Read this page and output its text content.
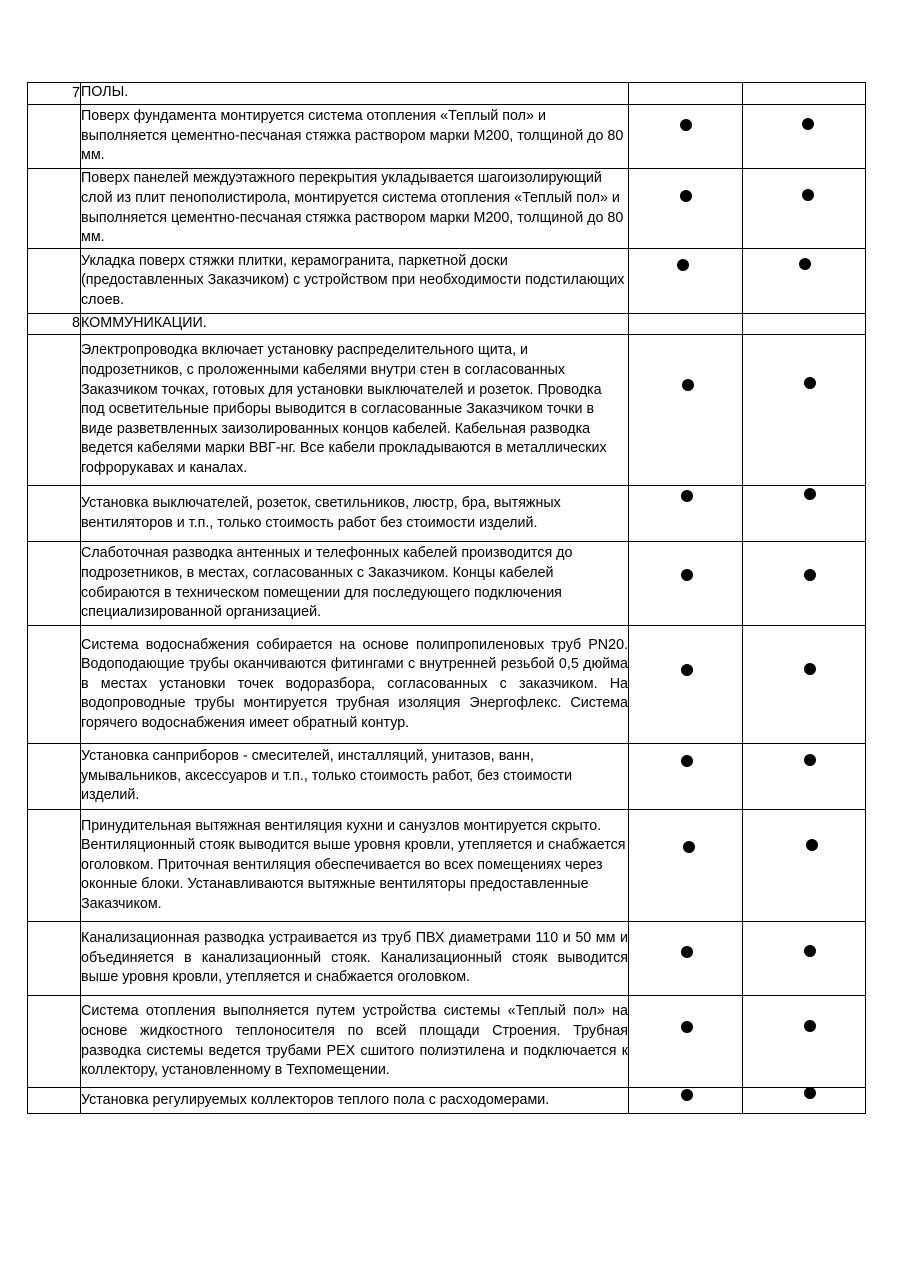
7	ПОЛЫ.		
	Поверх фундамента монтируется система отопления «Теплый пол» и выполняется цементно-песчаная стяжка раствором марки М200, толщиной до 80 мм.		
	Поверх панелей междуэтажного перекрытия укладывается шагоизолирующий слой из плит пенополистирола, монтируется система отопления «Теплый пол» и выполняется цементно-песчаная стяжка раствором марки М200, толщиной до 80 мм.		
	Укладка поверх стяжки плитки, керамогранита, паркетной доски (предоставленных Заказчиком) с устройством при необходимости подстилающих слоев.		
8	КОММУНИКАЦИИ.		
	Электропроводка включает установку распределительного щита, и подрозетников, с проложенными кабелями внутри стен в согласованных Заказчиком точках, готовых для установки выключателей и розеток. Проводка под осветительные приборы выводится в согласованные Заказчиком точки в виде разветвленных заизолированных концов кабелей. Кабельная разводка ведется кабелями марки ВВГ-нг. Все кабели прокладываются в металлических гофрорукавах и каналах.		
	Установка выключателей, розеток, светильников, люстр, бра, вытяжных вентиляторов и т.п., только стоимость работ без стоимости изделий.		
	Слаботочная разводка антенных и телефонных кабелей производится до подрозетников, в местах, согласованных с Заказчиком. Концы кабелей собираются в техническом помещении для последующего подключения специализированной организацией.		
	Система водоснабжения собирается на основе полипропиленовых труб PN20. Водоподающие трубы оканчиваются фитингами с внутренней резьбой 0,5 дюйма в местах установки точек водоразбора, согласованных с заказчиком. На водопроводные трубы монтируется трубная изоляция Энергофлекс. Система горячего водоснабжения имеет обратный контур.		
	Установка санприборов - смесителей, инсталляций, унитазов, ванн, умывальников, аксессуаров и т.п., только стоимость работ, без стоимости изделий.		
	Принудительная вытяжная вентиляция кухни и санузлов монтируется скрыто. Вентиляционный стояк выводится выше уровня кровли, утепляется и снабжается оголовком. Приточная вентиляция обеспечивается во всех помещениях через оконные блоки. Устанавливаются вытяжные вентиляторы предоставленные Заказчиком.		
	Канализационная разводка устраивается из труб ПВХ диаметрами 110 и 50 мм и объединяется в канализационный стояк. Канализационный стояк выводится выше уровня кровли, утепляется и снабжается оголовком.		
	Система отопления выполняется путем устройства системы «Теплый пол» на основе жидкостного теплоносителя по всей площади Строения. Трубная разводка системы ведется трубами PEX сшитого полиэтилена и подключается к коллектору, установленному в Техпомещении.		
	Установка регулируемых коллекторов теплого пола с расходомерами.		
